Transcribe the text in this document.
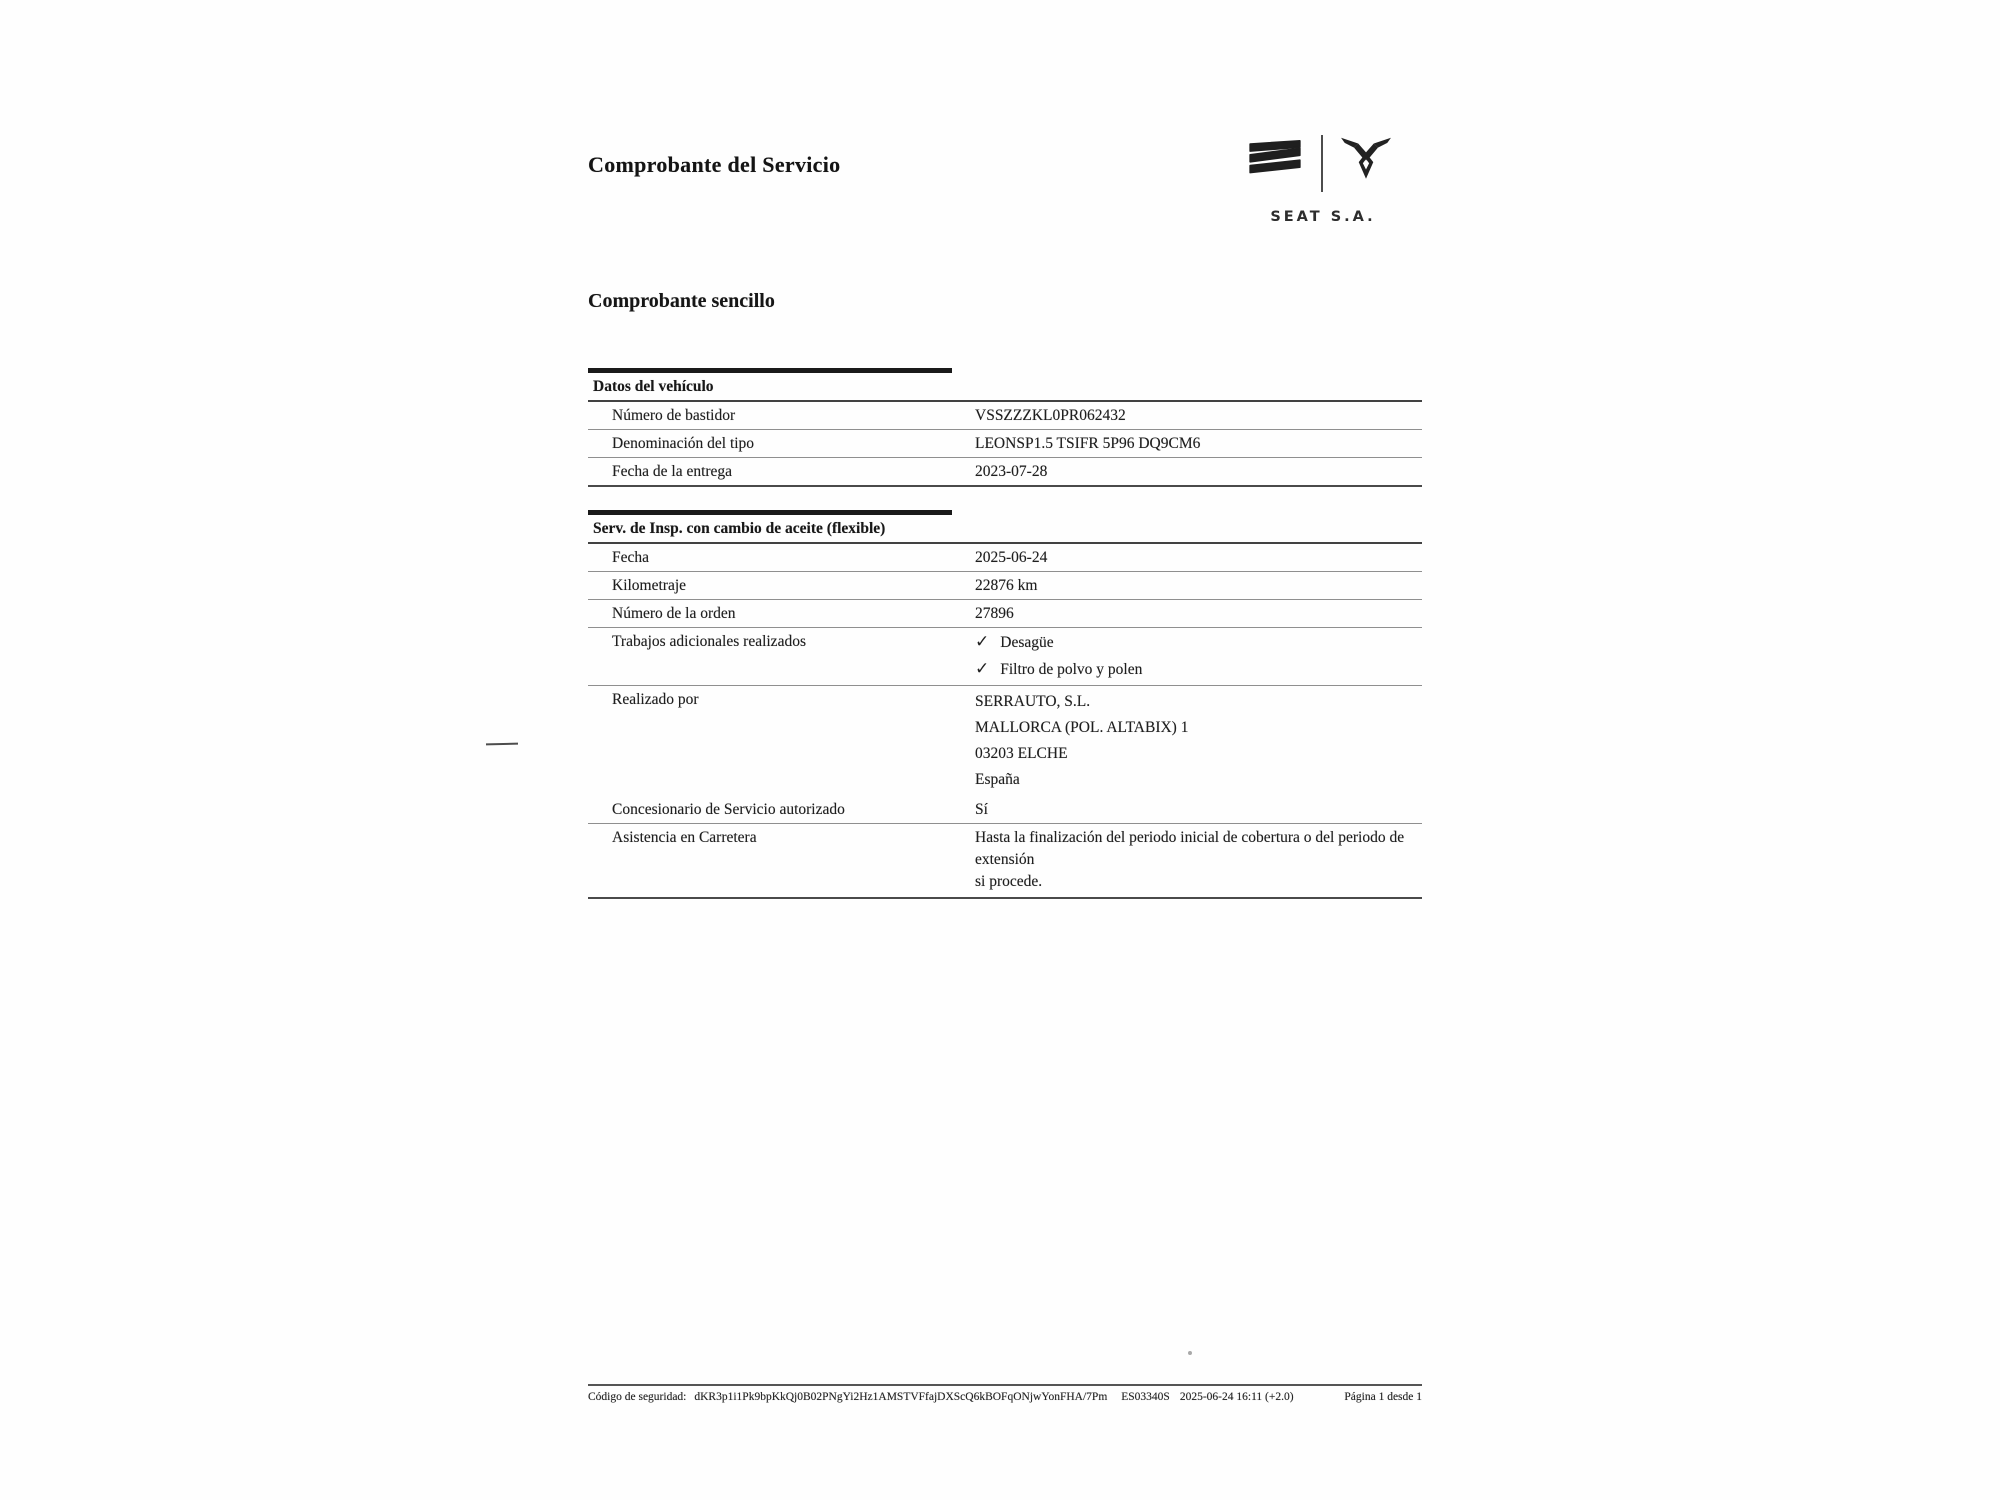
Comprobante del Servicio
SEAT S.A.
Comprobante sencillo
Datos del vehículo
Número de bastidor	VSSZZZKL0PR062432
Denominación del tipo	LEONSP1.5 TSIFR 5P96 DQ9CM6
Fecha de la entrega	2023-07-28
Serv. de Insp. con cambio de aceite (flexible)
Fecha	2025-06-24
Kilometraje	22876 km
Número de la orden	27896
Trabajos adicionales realizados	✓ Desagüe
✓ Filtro de polvo y polen
Realizado por	SERRAUTO, S.L.
MALLORCA (POL. ALTABIX) 1
03203 ELCHE
España
Concesionario de Servicio autorizado	Sí
Asistencia en Carretera	Hasta la finalización del periodo inicial de cobertura o del periodo de extensión
si procede.
Código de seguridad: dKR3p1i1Pk9bpKkQj0B02PNgYi2Hz1AMSTVFfajDXScQ6kBOFqONjwYonFHA/7Pm ES03340S 2025-06-24 16:11 (+2.0)	Página 1 desde 1
